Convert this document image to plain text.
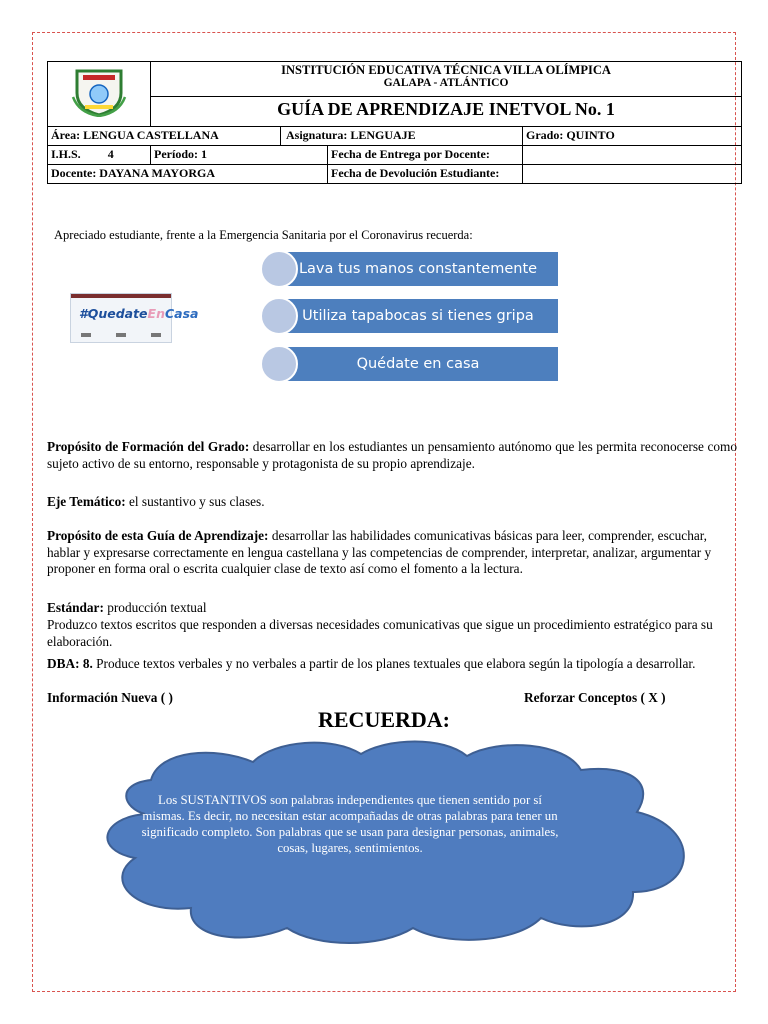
INSTITUCIÓN EDUCATIVA TÉCNICA VILLA OLÍMPICA
GALAPA - ATLÁNTICO			

	GUÍA DE APRENDIZAJE INETVOL No. 1			
Área: LENGUA CASTELLANA		Asignatura: LENGUAJE		Grado: QUINTO
I.H.S. 4	Período: 1		Fecha de Entrega por Docente:	
Docente: DAYANA MAYORGA			Fecha de Devolución Estudiante:	
Apreciado estudiante, frente a la Emergencia Sanitaria por el Coronavirus recuerda:
#QuedateEnCasa
Lava tus manos constantemente
Utiliza tapabocas si tienes gripa
Quédate en casa
Propósito de Formación del Grado: desarrollar en los estudiantes un pensamiento autónomo que les permita reconocerse como sujeto activo de su entorno, responsable y protagonista de su propio aprendizaje.
Eje Temático: el sustantivo y sus clases.
Propósito de esta Guía de Aprendizaje: desarrollar las habilidades comunicativas básicas para leer, comprender, escuchar, hablar y expresarse correctamente en lengua castellana y las competencias de comprender, interpretar, analizar, argumentar y proponer en forma oral o escrita cualquier clase de texto así como el fomento a la lectura.
Estándar: producción textual
Produzco textos escritos que responden a diversas necesidades comunicativas que sigue un procedimiento estratégico para su elaboración.
DBA: 8. Produce textos verbales y no verbales a partir de los planes textuales que elabora según la tipología a desarrollar.
Información Nueva ( )	Reforzar Conceptos ( X )
RECUERDA:
Los SUSTANTIVOS son palabras independientes que tienen sentido por sí mismas. Es decir, no necesitan estar acompañadas de otras palabras para tener un significado completo. Son palabras que se usan para designar personas, animales, cosas, lugares, sentimientos.
